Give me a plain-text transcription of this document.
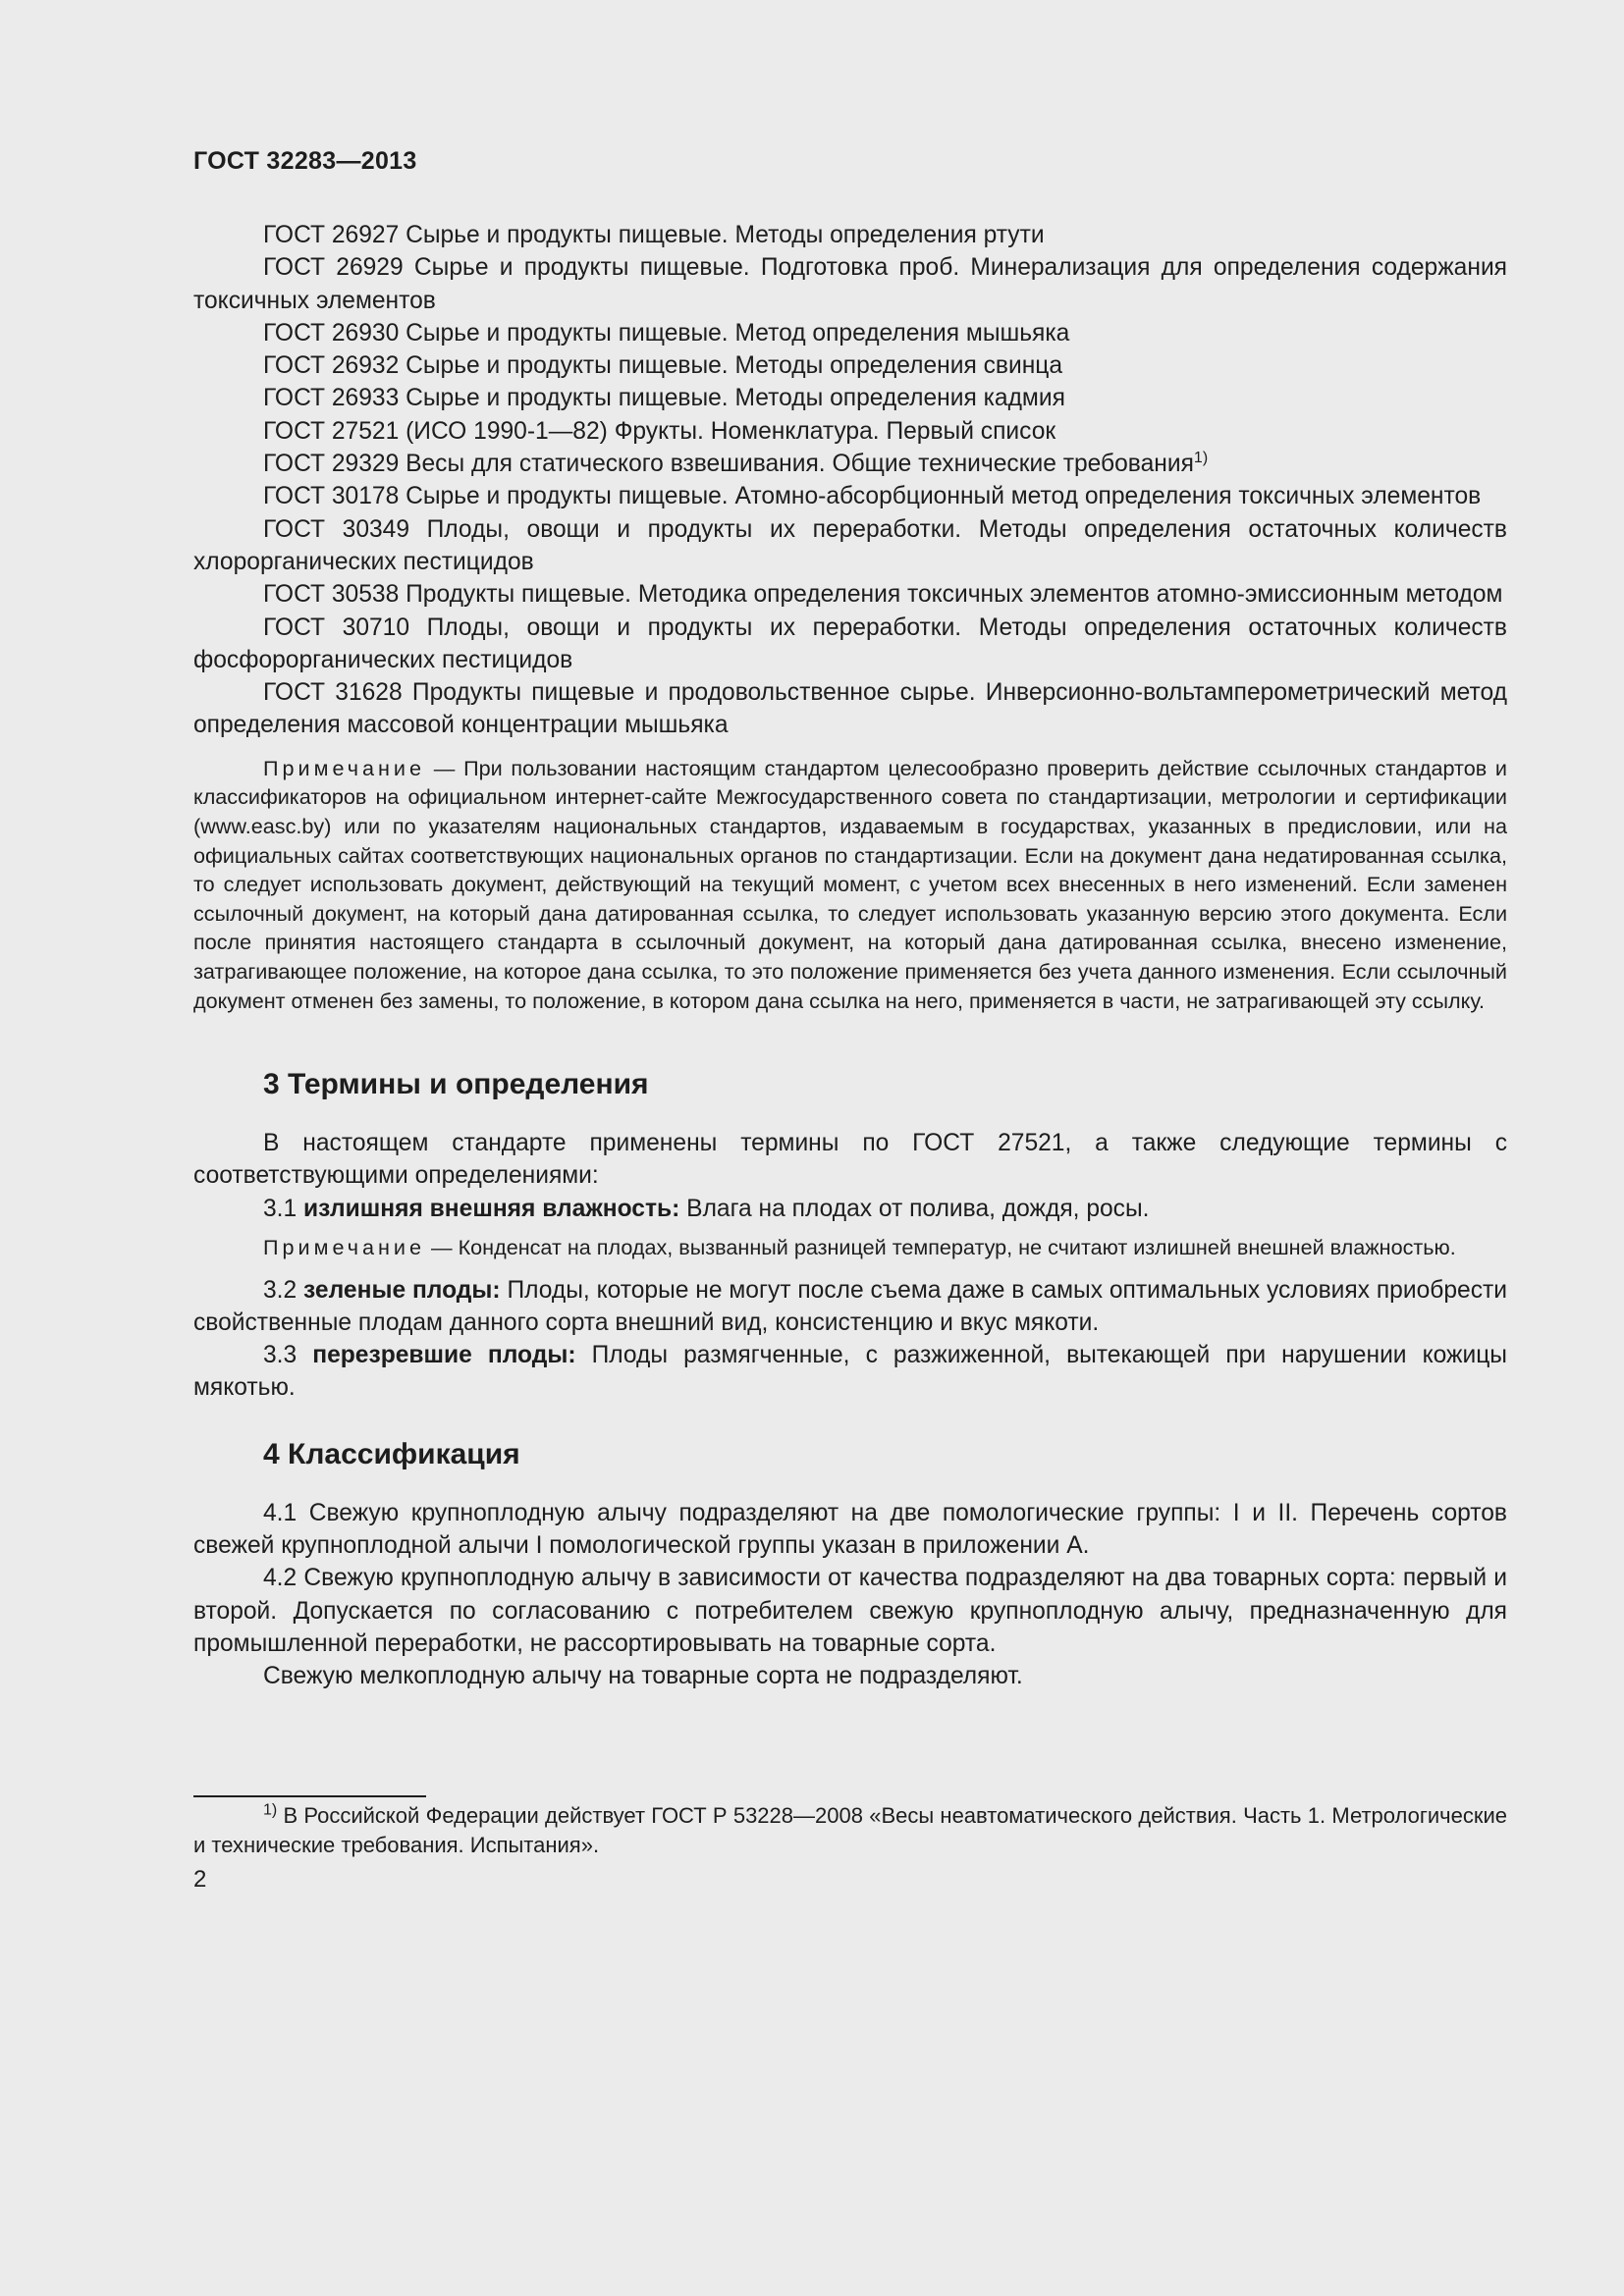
ГОСТ 32283—2013

ГОСТ 26927 Сырье и продукты пищевые. Методы определения ртути

ГОСТ 26929 Сырье и продукты пищевые. Подготовка проб. Минерализация для определения содержания токсичных элементов

ГОСТ 26930 Сырье и продукты пищевые. Метод определения мышьяка

ГОСТ 26932 Сырье и продукты пищевые. Методы определения свинца

ГОСТ 26933 Сырье и продукты пищевые. Методы определения кадмия

ГОСТ 27521 (ИСО 1990-1—82) Фрукты. Номенклатура. Первый список

ГОСТ 29329 Весы для статического взвешивания. Общие технические требования$^{1)}$

ГОСТ 30178 Сырье и продукты пищевые. Атомно-абсорбционный метод определения токсичных элементов

ГОСТ 30349 Плоды, овощи и продукты их переработки. Методы определения остаточных количеств хлорорганических пестицидов

ГОСТ 30538 Продукты пищевые. Методика определения токсичных элементов атомно-эмиссионным методом

ГОСТ 30710 Плоды, овощи и продукты их переработки. Методы определения остаточных количеств фосфорорганических пестицидов

ГОСТ 31628 Продукты пищевые и продовольственное сырье. Инверсионно-вольтамперометрический метод определения массовой концентрации мышьяка

Примечание — При пользовании настоящим стандартом целесообразно проверить действие ссылочных стандартов и классификаторов на официальном интернет-сайте Межгосударственного совета по стандартизации, метрологии и сертификации (www.easc.by) или по указателям национальных стандартов, издаваемым в государствах, указанных в предисловии, или на официальных сайтах соответствующих национальных органов по стандартизации. Если на документ дана недатированная ссылка, то следует использовать документ, действующий на текущий момент, с учетом всех внесенных в него изменений. Если заменен ссылочный документ, на который дана датированная ссылка, то следует использовать указанную версию этого документа. Если после принятия настоящего стандарта в ссылочный документ, на который дана датированная ссылка, внесено изменение, затрагивающее положение, на которое дана ссылка, то это положение применяется без учета данного изменения. Если ссылочный документ отменен без замены, то положение, в котором дана ссылка на него, применяется в части, не затрагивающей эту ссылку.

3 Термины и определения

В настоящем стандарте применены термины по ГОСТ 27521, а также следующие термины с соответствующими определениями:

3.1 излишняя внешняя влажность: Влага на плодах от полива, дождя, росы.

Примечание — Конденсат на плодах, вызванный разницей температур, не считают излишней внешней влажностью.

3.2 зеленые плоды: Плоды, которые не могут после съема даже в самых оптимальных условиях приобрести свойственные плодам данного сорта внешний вид, консистенцию и вкус мякоти.

3.3 перезревшие плоды: Плоды размягченные, с разжиженной, вытекающей при нарушении кожицы мякотью.

4 Классификация

4.1 Свежую крупноплодную алычу подразделяют на две помологические группы: I и II. Перечень сортов свежей крупноплодной алычи I помологической группы указан в приложении А.

4.2 Свежую крупноплодную алычу в зависимости от качества подразделяют на два товарных сорта: первый и второй. Допускается по согласованию с потребителем свежую крупноплодную алычу, предназначенную для промышленной переработки, не рассортировывать на товарные сорта.

Свежую мелкоплодную алычу на товарные сорта не подразделяют.

$^{1)}$ В Российской Федерации действует ГОСТ Р 53228—2008 «Весы неавтоматического действия. Часть 1. Метрологические и технические требования. Испытания».

2
